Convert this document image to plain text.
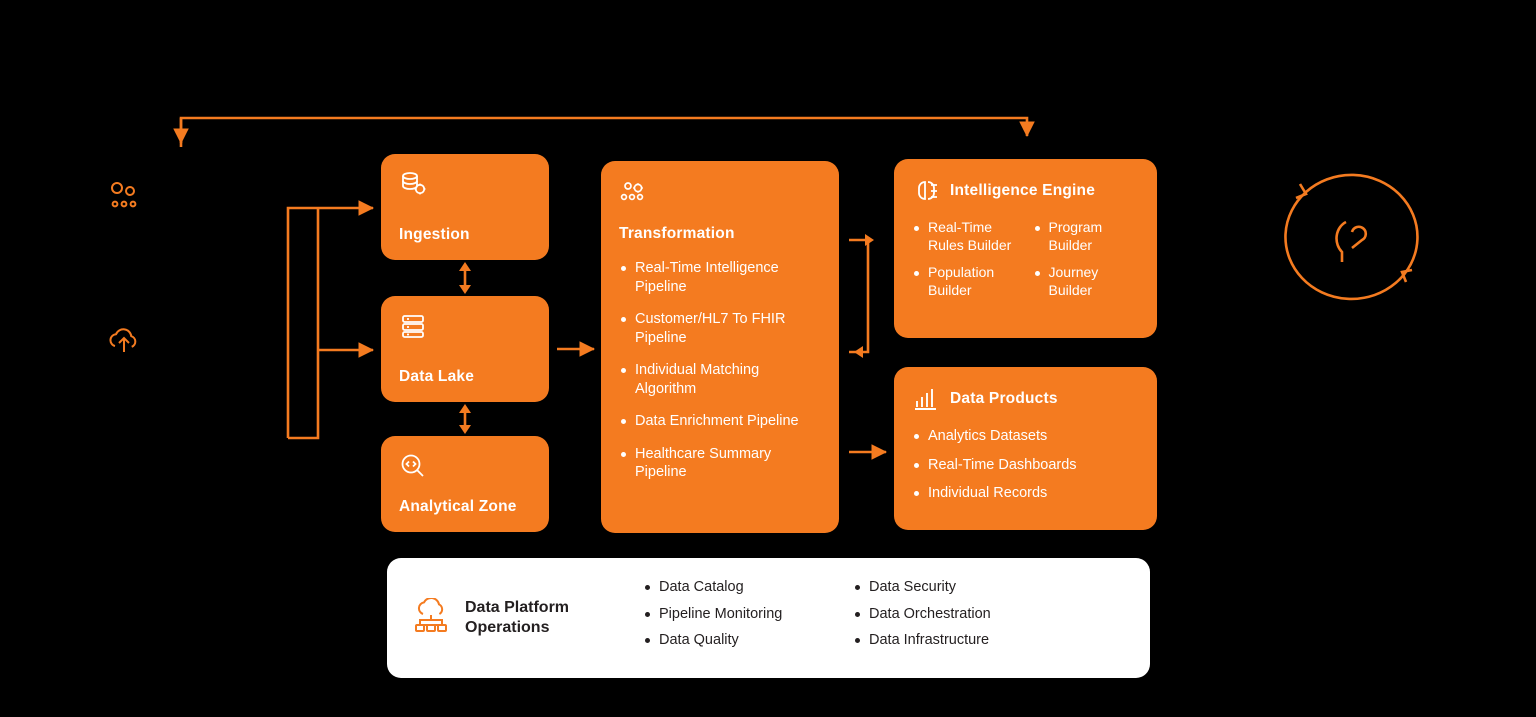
Ingestion
Data Lake
Analytical Zone
Transformation
Real-Time Intelligence Pipeline
Customer/HL7 To FHIR Pipeline
Individual Matching Algorithm
Data Enrichment Pipeline
Healthcare Summary Pipeline
Intelligence Engine
Real-Time Rules Builder
Population Builder
Program Builder
Journey Builder
Data Products
Analytics Datasets
Real-Time Dashboards
Individual Records
Data Platform Operations
Data Catalog
Pipeline Monitoring
Data Quality
Data Security
Data Orchestration
Data Infrastructure
